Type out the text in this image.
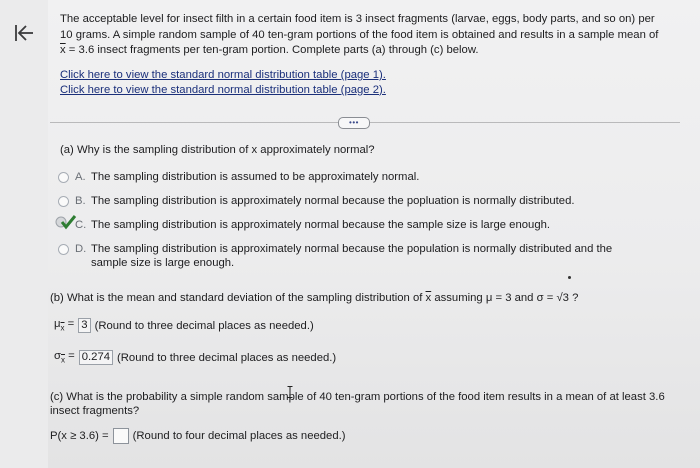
The acceptable level for insect filth in a certain food item is 3 insect fragments (larvae, eggs, body parts, and so on) per
10 grams. A simple random sample of 40 ten-gram portions of the food item is obtained and results in a sample mean of
$\overline{x} = 3.6$ insect fragments per ten-gram portion. Complete parts (a) through (c) below.
Click here to view the standard normal distribution table (page 1).
Click here to view the standard normal distribution table (page 2).
•••
(a) Why is the sampling distribution of x approximately normal?
A. The sampling distribution is assumed to be approximately normal.
B. The sampling distribution is approximately normal because the popluation is normally distributed.
C. The sampling distribution is approximately normal because the sample size is large enough.
D. The sampling distribution is approximately normal because the population is normally distributed and the sample size is large enough.
(b) What is the mean and standard deviation of the sampling distribution of $\overline{x}$ assuming μ = 3 and σ = √3 ?
$\mu_{\overline{x}} = 3$ (Round to three decimal places as needed.)
$\sigma_{\overline{x}} = 0.274$ (Round to three decimal places as needed.)
(c) What is the probability a simple random sample of 40 ten-gram portions of the food item results in a mean of at least 3.6 insect fragments?
P(x ≥ 3.6) = (Round to four decimal places as needed.)
